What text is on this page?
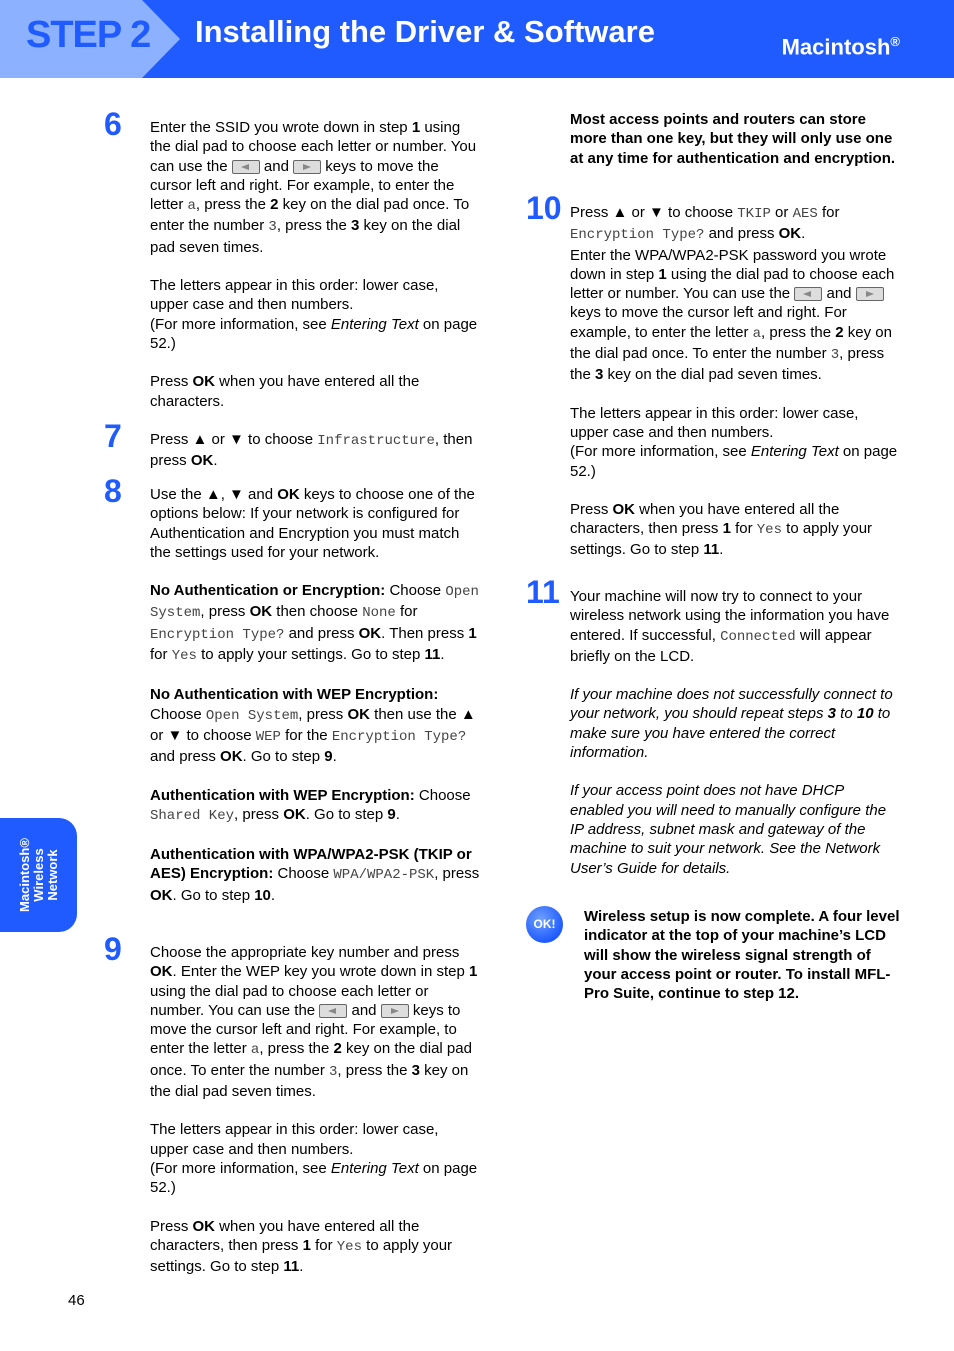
STEP 2 Installing the Driver & Software	Macintosh®
Macintosh® Wireless Network
6 Enter the SSID you wrote down in step 1 using the dial pad to choose each letter or number. You can use the  and  keys to move the cursor left and right. For example, to enter the letter a, press the 2 key on the dial pad once. To enter the number 3, press the 3 key on the dial pad seven times.
The letters appear in this order: lower case, upper case and then numbers.
(For more information, see Entering Text on page 52.)
Press OK when you have entered all the characters.
7 Press ▲ or ▼ to choose Infrastructure, then press OK.
8 Use the ▲, ▼ and OK keys to choose one of the options below: If your network is configured for Authentication and Encryption you must match the settings used for your network.
No Authentication or Encryption: Choose Open System, press OK then choose None for Encryption Type? and press OK. Then press 1 for Yes to apply your settings. Go to step 11.
No Authentication with WEP Encryption: Choose Open System, press OK then use the ▲ or ▼ to choose WEP for the Encryption Type? and press OK. Go to step 9.
Authentication with WEP Encryption: Choose Shared Key, press OK. Go to step 9.
Authentication with WPA/WPA2-PSK (TKIP or AES) Encryption: Choose WPA/WPA2-PSK, press OK. Go to step 10.
9 Choose the appropriate key number and press OK. Enter the WEP key you wrote down in step 1 using the dial pad to choose each letter or number. You can use the  and  keys to move the cursor left and right. For example, to enter the letter a, press the 2 key on the dial pad once. To enter the number 3, press the 3 key on the dial pad seven times.
The letters appear in this order: lower case, upper case and then numbers.
(For more information, see Entering Text on page 52.)
Press OK when you have entered all the characters, then press 1 for Yes to apply your settings. Go to step 11.
Most access points and routers can store more than one key, but they will only use one at any time for authentication and encryption.
10 Press ▲ or ▼ to choose TKIP or AES for Encryption Type? and press OK.
Enter the WPA/WPA2-PSK password you wrote down in step 1 using the dial pad to choose each letter or number. You can use the  and  keys to move the cursor left and right. For example, to enter the letter a, press the 2 key on the dial pad once. To enter the number 3, press the 3 key on the dial pad seven times.
The letters appear in this order: lower case, upper case and then numbers.
(For more information, see Entering Text on page 52.)
Press OK when you have entered all the characters, then press 1 for Yes to apply your settings. Go to step 11.
11 Your machine will now try to connect to your wireless network using the information you have entered. If successful, Connected will appear briefly on the LCD.
If your machine does not successfully connect to your network, you should repeat steps 3 to 10 to make sure you have entered the correct information.
If your access point does not have DHCP enabled you will need to manually configure the IP address, subnet mask and gateway of the machine to suit your network. See the Network User’s Guide for details.
OK!	Wireless setup is now complete. A four level indicator at the top of your machine’s LCD will show the wireless signal strength of your access point or router. To install MFL-Pro Suite, continue to step 12.
46
